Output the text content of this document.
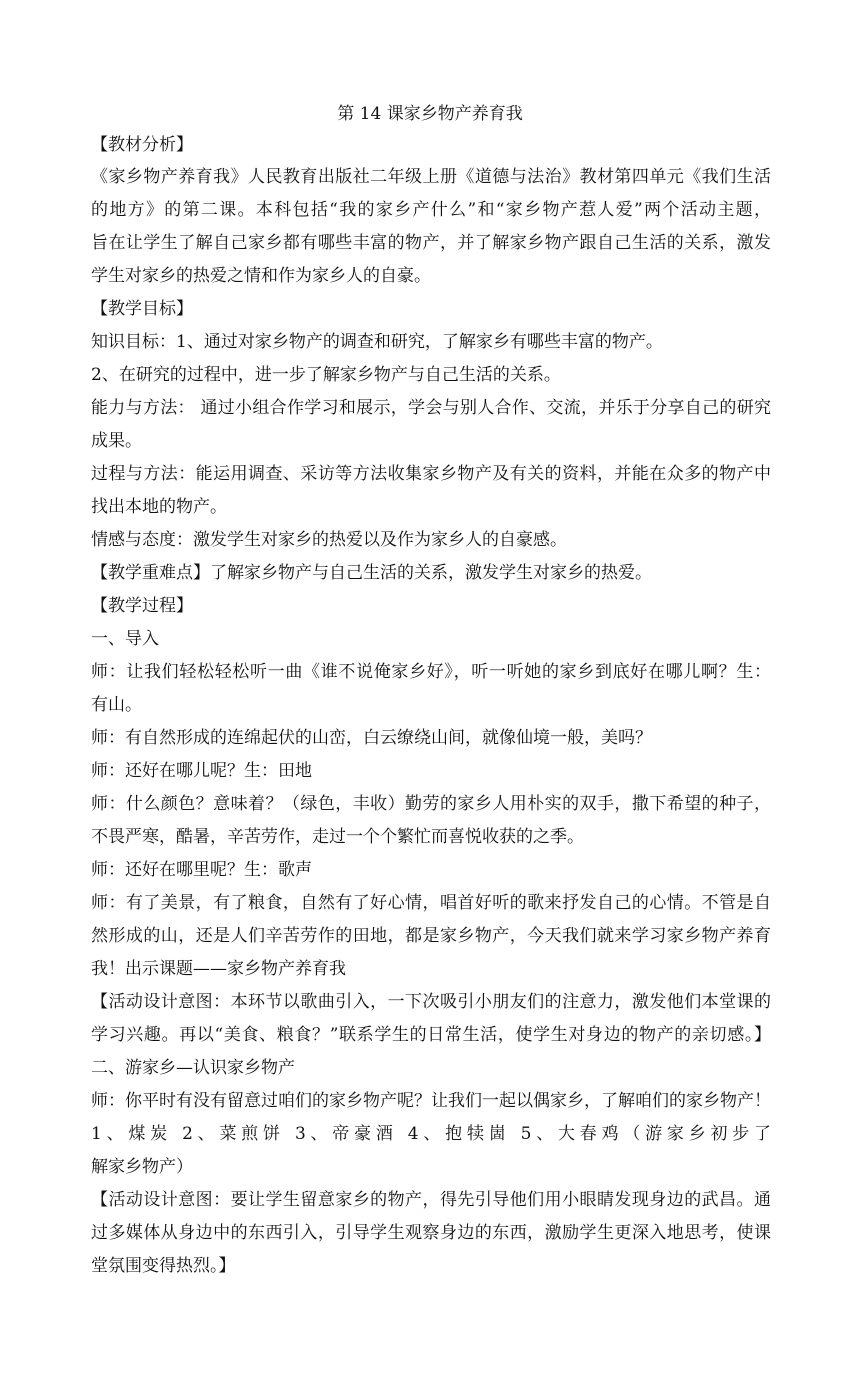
第 14 课家乡物产养育我
【教材分析】
《家乡物产养育我》人民教育出版社二年级上册《道德与法治》教材第四单元《我们生活
的地方》的第二课。本科包括“我的家乡产什么”和“家乡物产惹人爱”两个活动主题，
旨在让学生了解自己家乡都有哪些丰富的物产，并了解家乡物产跟自己生活的关系，激发
学生对家乡的热爱之情和作为家乡人的自豪。
【教学目标】
知识目标：1、通过对家乡物产的调查和研究，了解家乡有哪些丰富的物产。
2、在研究的过程中，进一步了解家乡物产与自己生活的关系。
能力与方法： 通过小组合作学习和展示，学会与别人合作、交流，并乐于分享自己的研究
成果。
过程与方法：能运用调查、采访等方法收集家乡物产及有关的资料，并能在众多的物产中
找出本地的物产。
情感与态度：激发学生对家乡的热爱以及作为家乡人的自豪感。
【教学重难点】了解家乡物产与自己生活的关系，激发学生对家乡的热爱。
【教学过程】
一、导入
师：让我们轻松轻松听一曲《谁不说俺家乡好》，听一听她的家乡到底好在哪儿啊？生：
有山。
师：有自然形成的连绵起伏的山峦，白云缭绕山间，就像仙境一般，美吗？
师：还好在哪儿呢？生：田地
师：什么颜色？意味着？（绿色，丰收）勤劳的家乡人用朴实的双手，撒下希望的种子，
不畏严寒，酷暑，辛苦劳作，走过一个个繁忙而喜悦收获的之季。
师：还好在哪里呢？生：歌声
师：有了美景，有了粮食，自然有了好心情，唱首好听的歌来抒发自己的心情。不管是自
然形成的山，还是人们辛苦劳作的田地，都是家乡物产，今天我们就来学习家乡物产养育
我！出示课题——家乡物产养育我
【活动设计意图：本环节以歌曲引入，一下次吸引小朋友们的注意力，激发他们本堂课的
学习兴趣。再以“美食、粮食？”联系学生的日常生活，使学生对身边的物产的亲切感。】
二、游家乡—认识家乡物产
师：你平时有没有留意过咱们的家乡物产呢？让我们一起以偶家乡，了解咱们的家乡物产！
1、煤炭 2、菜煎饼 3、帝豪酒 4、抱犊崮 5、大春鸡（游家乡初步了
解家乡物产）
【活动设计意图：要让学生留意家乡的物产，得先引导他们用小眼睛发现身边的武昌。通
过多媒体从身边中的东西引入，引导学生观察身边的东西，激励学生更深入地思考，使课
堂氛围变得热烈。】
